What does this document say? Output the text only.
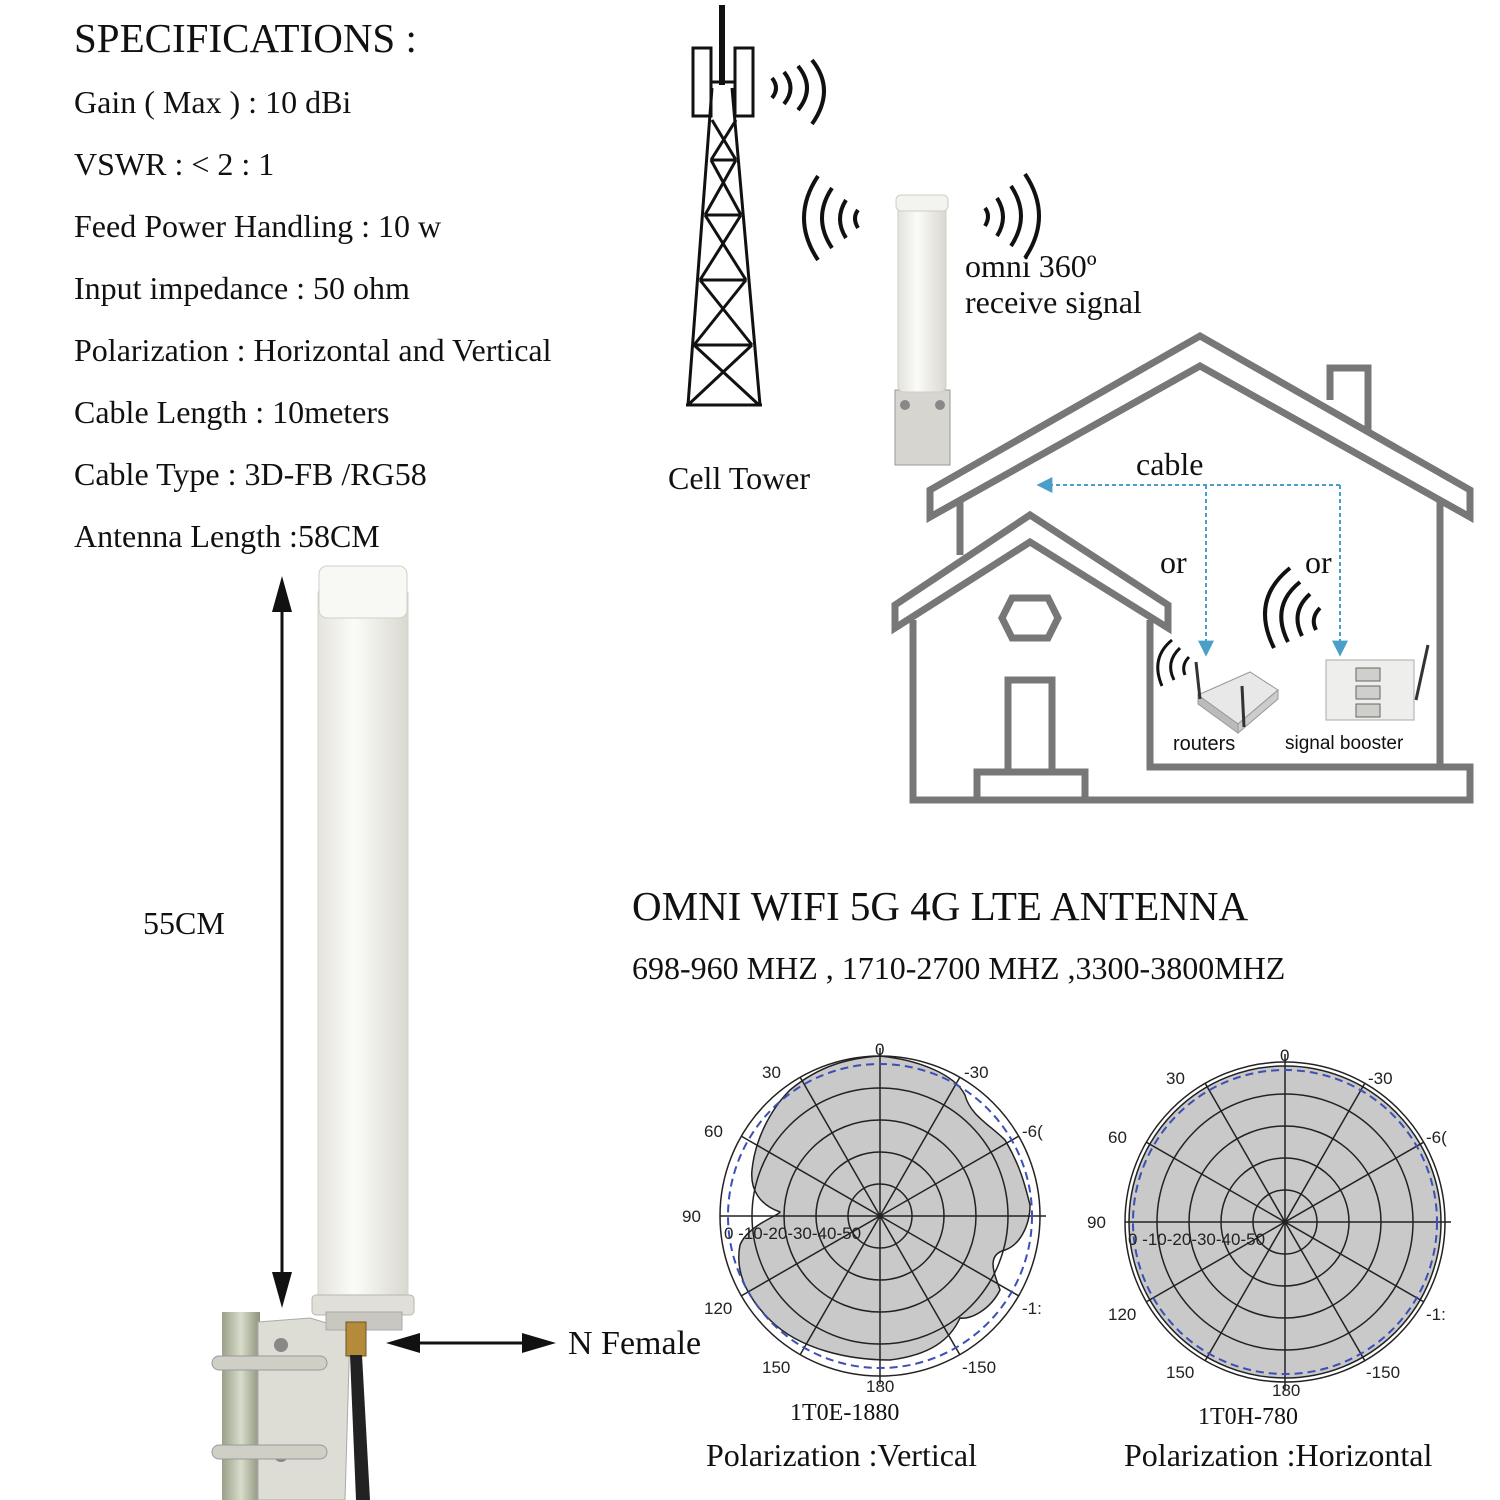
SPECIFICATIONS :
Gain ( Max ) : 10 dBi
VSWR : < 2 : 1
Feed Power Handling : 10 w
Input impedance : 50 ohm
Polarization : Horizontal and Vertical
Cable Length : 10meters
Cable Type : 3D-FB /RG58
Antenna Length :58CM
0
30	-30
60	-6(
90
120	-1:
150	-150
180
0 -10-20-30-40-50
0
30	-30
60	-6(
90
120	-1:
150	-150
180
0 -10-20-30-40-50
Cell Tower
omni 360º
receive signal
cable
or	or
routers	signal booster
55CM
N Female
OMNI WIFI 5G 4G LTE ANTENNA
698-960 MHZ , 1710-2700 MHZ ,3300-3800MHZ
1T0E-1880
Polarization :Vertical
1T0H-780
Polarization :Horizontal
